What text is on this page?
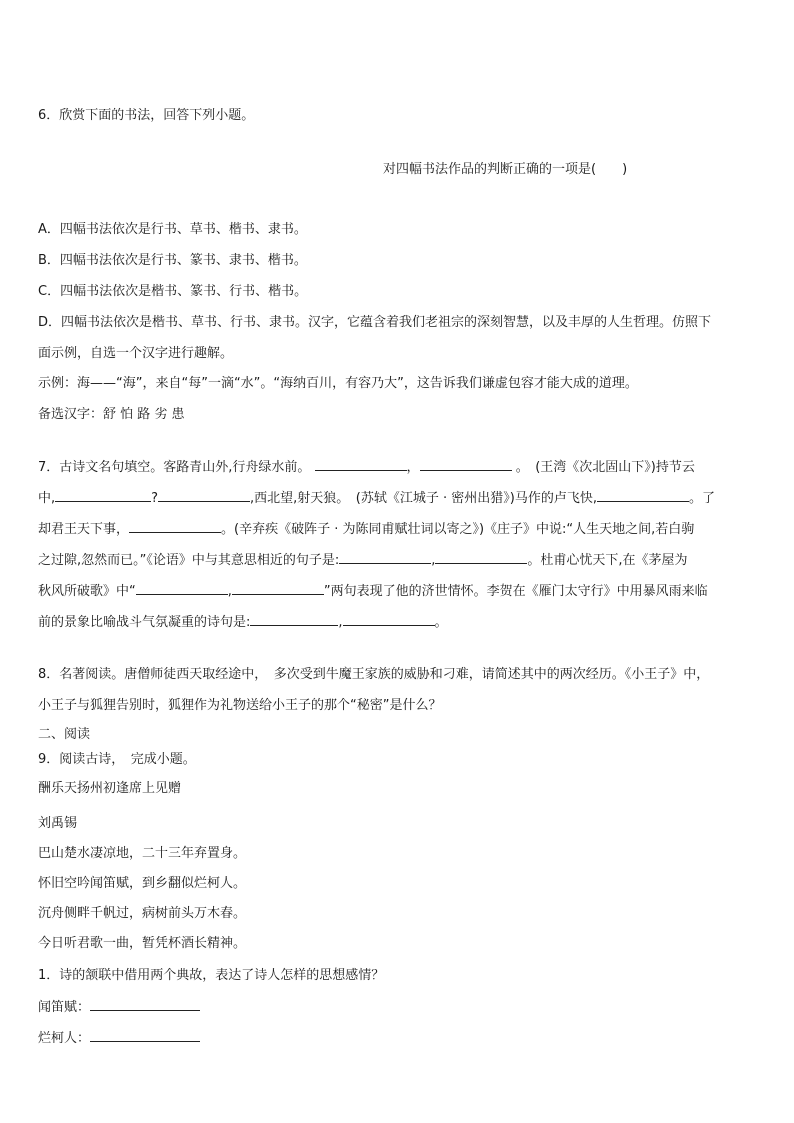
6．欣赏下面的书法，回答下列小题。
对四幅书法作品的判断正确的一项是(　　)
A．四幅书法依次是行书、草书、楷书、隶书。
B．四幅书法依次是行书、篆书、隶书、楷书。
C．四幅书法依次是楷书、篆书、行书、楷书。
D．四幅书法依次是楷书、草书、行书、隶书。汉字，它蕴含着我们老祖宗的深刻智慧，以及丰厚的人生哲理。仿照下
面示例，自选一个汉字进行趣解。
示例：海——“海”，来自“每”一滴“水”。“海纳百川，有容乃大”，这告诉我们谦虚包容才能大成的道理。
备选汉字：舒 怕 路 劣 患
7．古诗文名句填空。客路青山外,行舟绿水前。	，	。　(王湾《次北固山下》)持节云
中,	?	,西北望,射天狼。　(苏轼《江城子 · 密州出猎》)马作的卢飞快,	。了
却君王天下事，	。(辛弃疾《破阵子 · 为陈同甫赋壮词以寄之》)《庄子》中说:“人生天地之间,若白驹
之过隙,忽然而已。”《论语》中与其意思相近的句子是:	,	。杜甫心忧天下,在《茅屋为
秋风所破歌》中“	,	”两句表现了他的济世情怀。李贺在《雁门太守行》中用暴风雨来临
前的景象比喻战斗气氛凝重的诗句是:	,	。
8．名著阅读。唐僧师徒西天取经途中，　多次受到牛魔王家族的威胁和刁难，请简述其中的两次经历。《小王子》中，
小王子与狐狸告别时，狐狸作为礼物送给小王子的那个“秘密”是什么？
二、阅读
9．阅读古诗，　完成小题。
酬乐天扬州初逢席上见赠
刘禹锡
巴山楚水凄凉地，二十三年弃置身。
怀旧空吟闻笛赋，到乡翻似烂柯人。
沉舟侧畔千帆过，病树前头万木春。
今日听君歌一曲，暂凭杯酒长精神。
1．诗的颔联中借用两个典故，表达了诗人怎样的思想感情？
闻笛赋：
烂柯人：
